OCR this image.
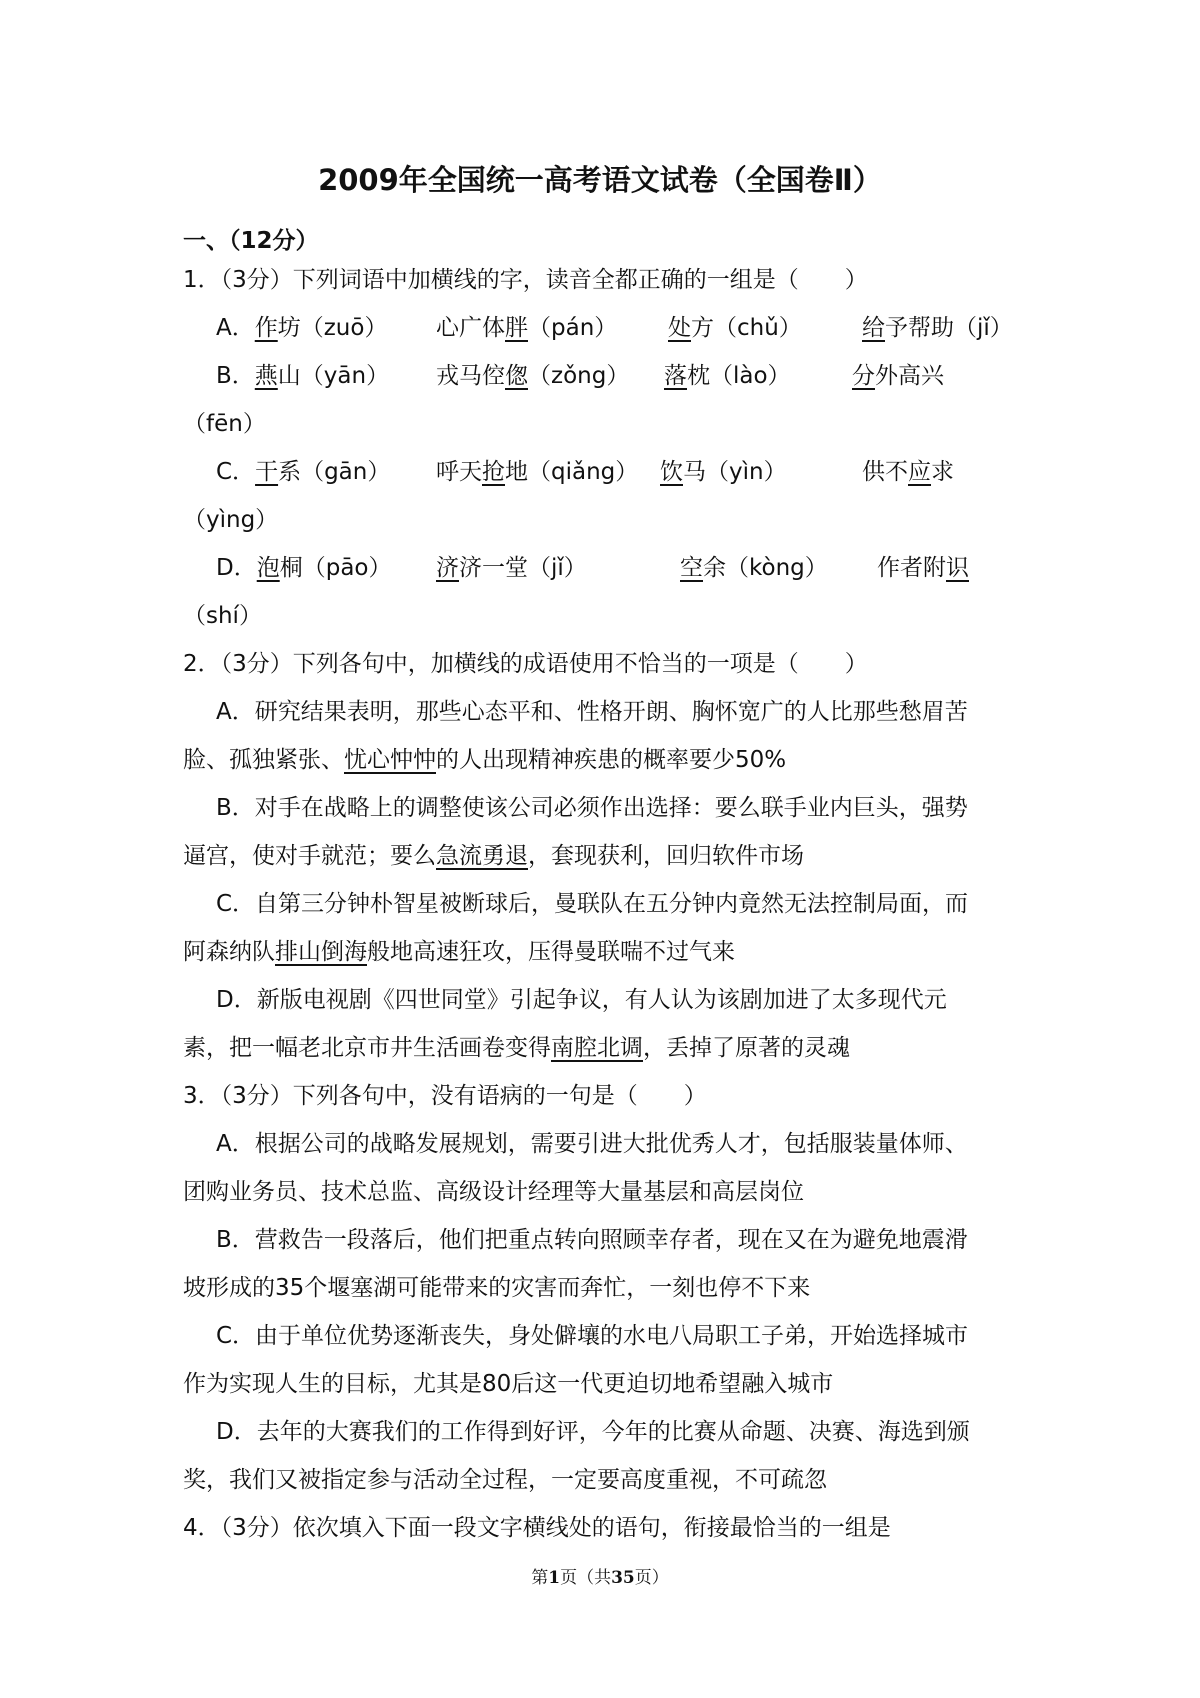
2009年全国统一高考语文试卷（全国卷Ⅱ）
一、（12分）
1．（3分）下列词语中加横线的字，读音全都正确的一组是（　　）
A．作坊（zuō） 心广体胖（pán） 处方（chǔ）	给予帮助（jǐ）
B．燕山（yān） 戎马倥偬（zǒng） 落枕（lào）	分外高兴
（fēn）
C．干系（gān） 呼天抢地（qiǎng） 饮马（yìn）	供不应求
（yìng）
D．泡桐（pāo） 济济一堂（jǐ）	空余（kòng） 作者附识
（shí）
2．（3分）下列各句中，加横线的成语使用不恰当的一项是（　　）
A．研究结果表明，那些心态平和、性格开朗、胸怀宽广的人比那些愁眉苦
脸、孤独紧张、忧心忡忡的人出现精神疾患的概率要少50%
B．对手在战略上的调整使该公司必须作出选择：要么联手业内巨头，强势
逼宫，使对手就范；要么急流勇退，套现获利，回归软件市场
C．自第三分钟朴智星被断球后，曼联队在五分钟内竟然无法控制局面，而
阿森纳队排山倒海般地高速狂攻，压得曼联喘不过气来
D．新版电视剧《四世同堂》引起争议，有人认为该剧加进了太多现代元
素，把一幅老北京市井生活画卷变得南腔北调，丢掉了原著的灵魂
3．（3分）下列各句中，没有语病的一句是（　　）
A．根据公司的战略发展规划，需要引进大批优秀人才，包括服装量体师、
团购业务员、技术总监、高级设计经理等大量基层和高层岗位
B．营救告一段落后，他们把重点转向照顾幸存者，现在又在为避免地震滑
坡形成的35个堰塞湖可能带来的灾害而奔忙，一刻也停不下来
C．由于单位优势逐渐丧失，身处僻壤的水电八局职工子弟，开始选择城市
作为实现人生的目标，尤其是80后这一代更迫切地希望融入城市
D．去年的大赛我们的工作得到好评，今年的比赛从命题、决赛、海选到颁
奖，我们又被指定参与活动全过程，一定要高度重视，不可疏忽
4．（3分）依次填入下面一段文字横线处的语句，衔接最恰当的一组是
第1页（共35页）
